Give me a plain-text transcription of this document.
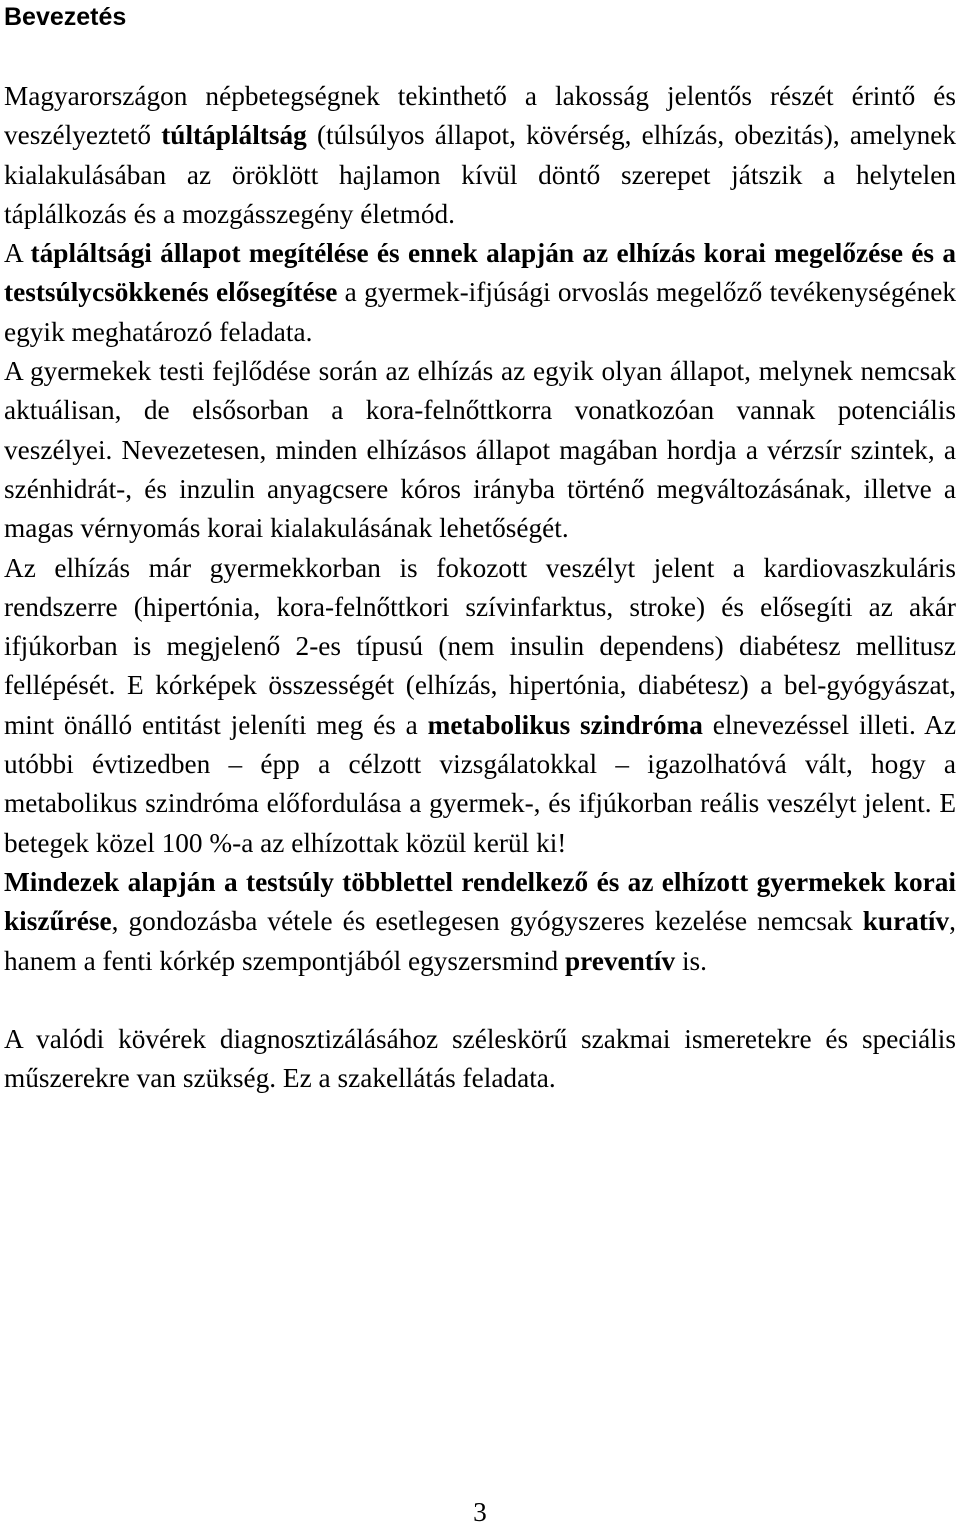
Bevezetés

Magyarországon népbetegségnek tekinthető a lakosság jelentős részét érintő és veszélyeztető túltápláltság (túlsúlyos állapot, kövérség, elhízás, obezitás), amelynek kialakulásában az öröklött hajlamon kívül döntő szerepet játszik a helytelen táplálkozás és a mozgásszegény életmód.

A tápláltsági állapot megítélése és ennek alapján az elhízás korai megelőzése és a testsúlycsökkenés elősegítése a gyermek-ifjúsági orvoslás megelőző tevékenységének egyik meghatározó feladata.

A gyermekek testi fejlődése során az elhízás az egyik olyan állapot, melynek nemcsak aktuálisan, de elsősorban a kora-felnőttkorra vonatkozóan vannak potenciális veszélyei. Nevezetesen, minden elhízásos állapot magában hordja a vérzsír szintek, a szénhidrát-, és inzulin anyagcsere kóros irányba történő megváltozásának, illetve a magas vérnyomás korai kialakulásának lehetőségét.

Az elhízás már gyermekkorban is fokozott veszélyt jelent a kardiovaszkuláris rendszerre (hipertónia, kora-felnőttkori szívinfarktus, stroke) és elősegíti az akár ifjúkorban is megjelenő 2-es típusú (nem insulin dependens) diabétesz mellitusz fellépését. E kórképek összességét (elhízás, hipertónia, diabétesz) a bel-gyógyászat, mint önálló entitást jeleníti meg és a metabolikus szindróma elnevezéssel illeti. Az utóbbi évtizedben – épp a célzott vizsgálatokkal – igazolhatóvá vált, hogy a metabolikus szindróma előfordulása a gyermek-, és ifjúkorban reális veszélyt jelent. E betegek közel 100 %-a az elhízottak közül kerül ki!

Mindezek alapján a testsúly többlettel rendelkező és az elhízott gyermekek korai kiszűrése, gondozásba vétele és esetlegesen gyógyszeres kezelése nemcsak kuratív, hanem a fenti kórkép szempontjából egyszersmind preventív is.

A valódi kövérek diagnosztizálásához széleskörű szakmai ismeretekre és speciális műszerekre van szükség. Ez a szakellátás feladata.

3
